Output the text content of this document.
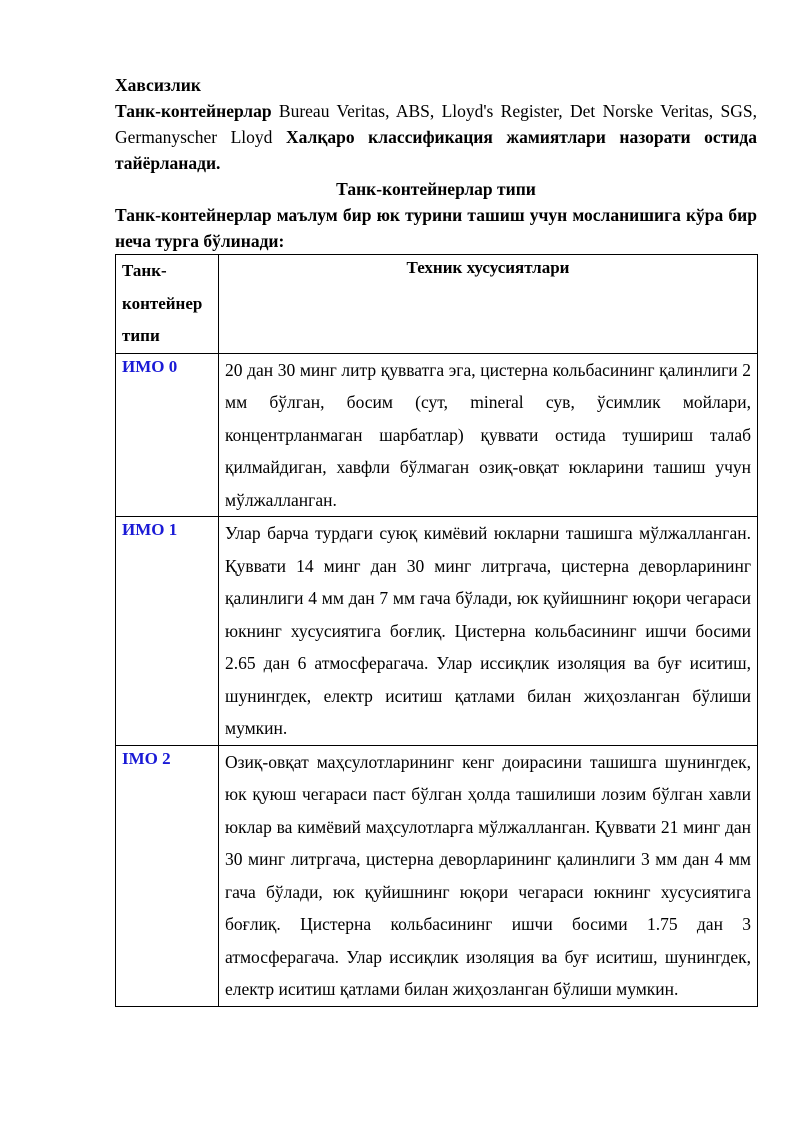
Хавсизлик

Танк-контейнерлар Bureau Veritas, ABS, Lloyd's Register, Det Norske Veritas, SGS, Germanyscher Lloyd Халқаро классификация жамиятлари назорати остида тайёрланади.

Танк-контейнерлар типи

Танк-контейнерлар маълум бир юк турини ташиш учун мосланишига кўра бир неча турга бўлинади:

Танк-контейнер типи	Техник хусусиятлари
ИМО 0	20 дан 30 минг литр қувватга эга, цистерна кольбасининг қалинлиги 2 мм бўлган, босим (сут, mineral сув, ўсимлик мойлари, концентрланмаган шарбатлар) қуввати остида тушириш талаб қилмайдиган, хавфли бўлмаган озиқ-овқат юкларини ташиш учун мўлжалланган.
ИМО 1	Улар барча турдаги суюқ кимёвий юкларни ташишга мўлжалланган. Қуввати 14 минг дан 30 минг литргача, цистерна деворларининг қалинлиги 4 мм дан 7 мм гача бўлади, юк қуйишнинг юқори чегараси юкнинг хусусиятига боғлиқ. Цистерна кольбасининг ишчи босими 2.65 дан 6 атмосферагача. Улар иссиқлик изоляция ва буғ иситиш, шунингдек, електр иситиш қатлами билан жиҳозланган бўлиши мумкин.
IMO 2	Озиқ-овқат маҳсулотларининг кенг доирасини ташишга шунингдек, юк қуюш чегараси паст бўлган ҳолда ташилиши лозим бўлган хавли юклар ва кимёвий маҳсулотларга мўлжалланган. Қуввати 21 минг дан 30 минг литргача, цистерна деворларининг қалинлиги 3 мм дан 4 мм гача бўлади, юк қуйишнинг юқори чегараси юкнинг хусусиятига боғлиқ. Цистерна кольбасининг ишчи босими 1.75 дан 3 атмосферагача. Улар иссиқлик изоляция ва буғ иситиш, шунингдек, електр иситиш қатлами билан жиҳозланган бўлиши мумкин.
